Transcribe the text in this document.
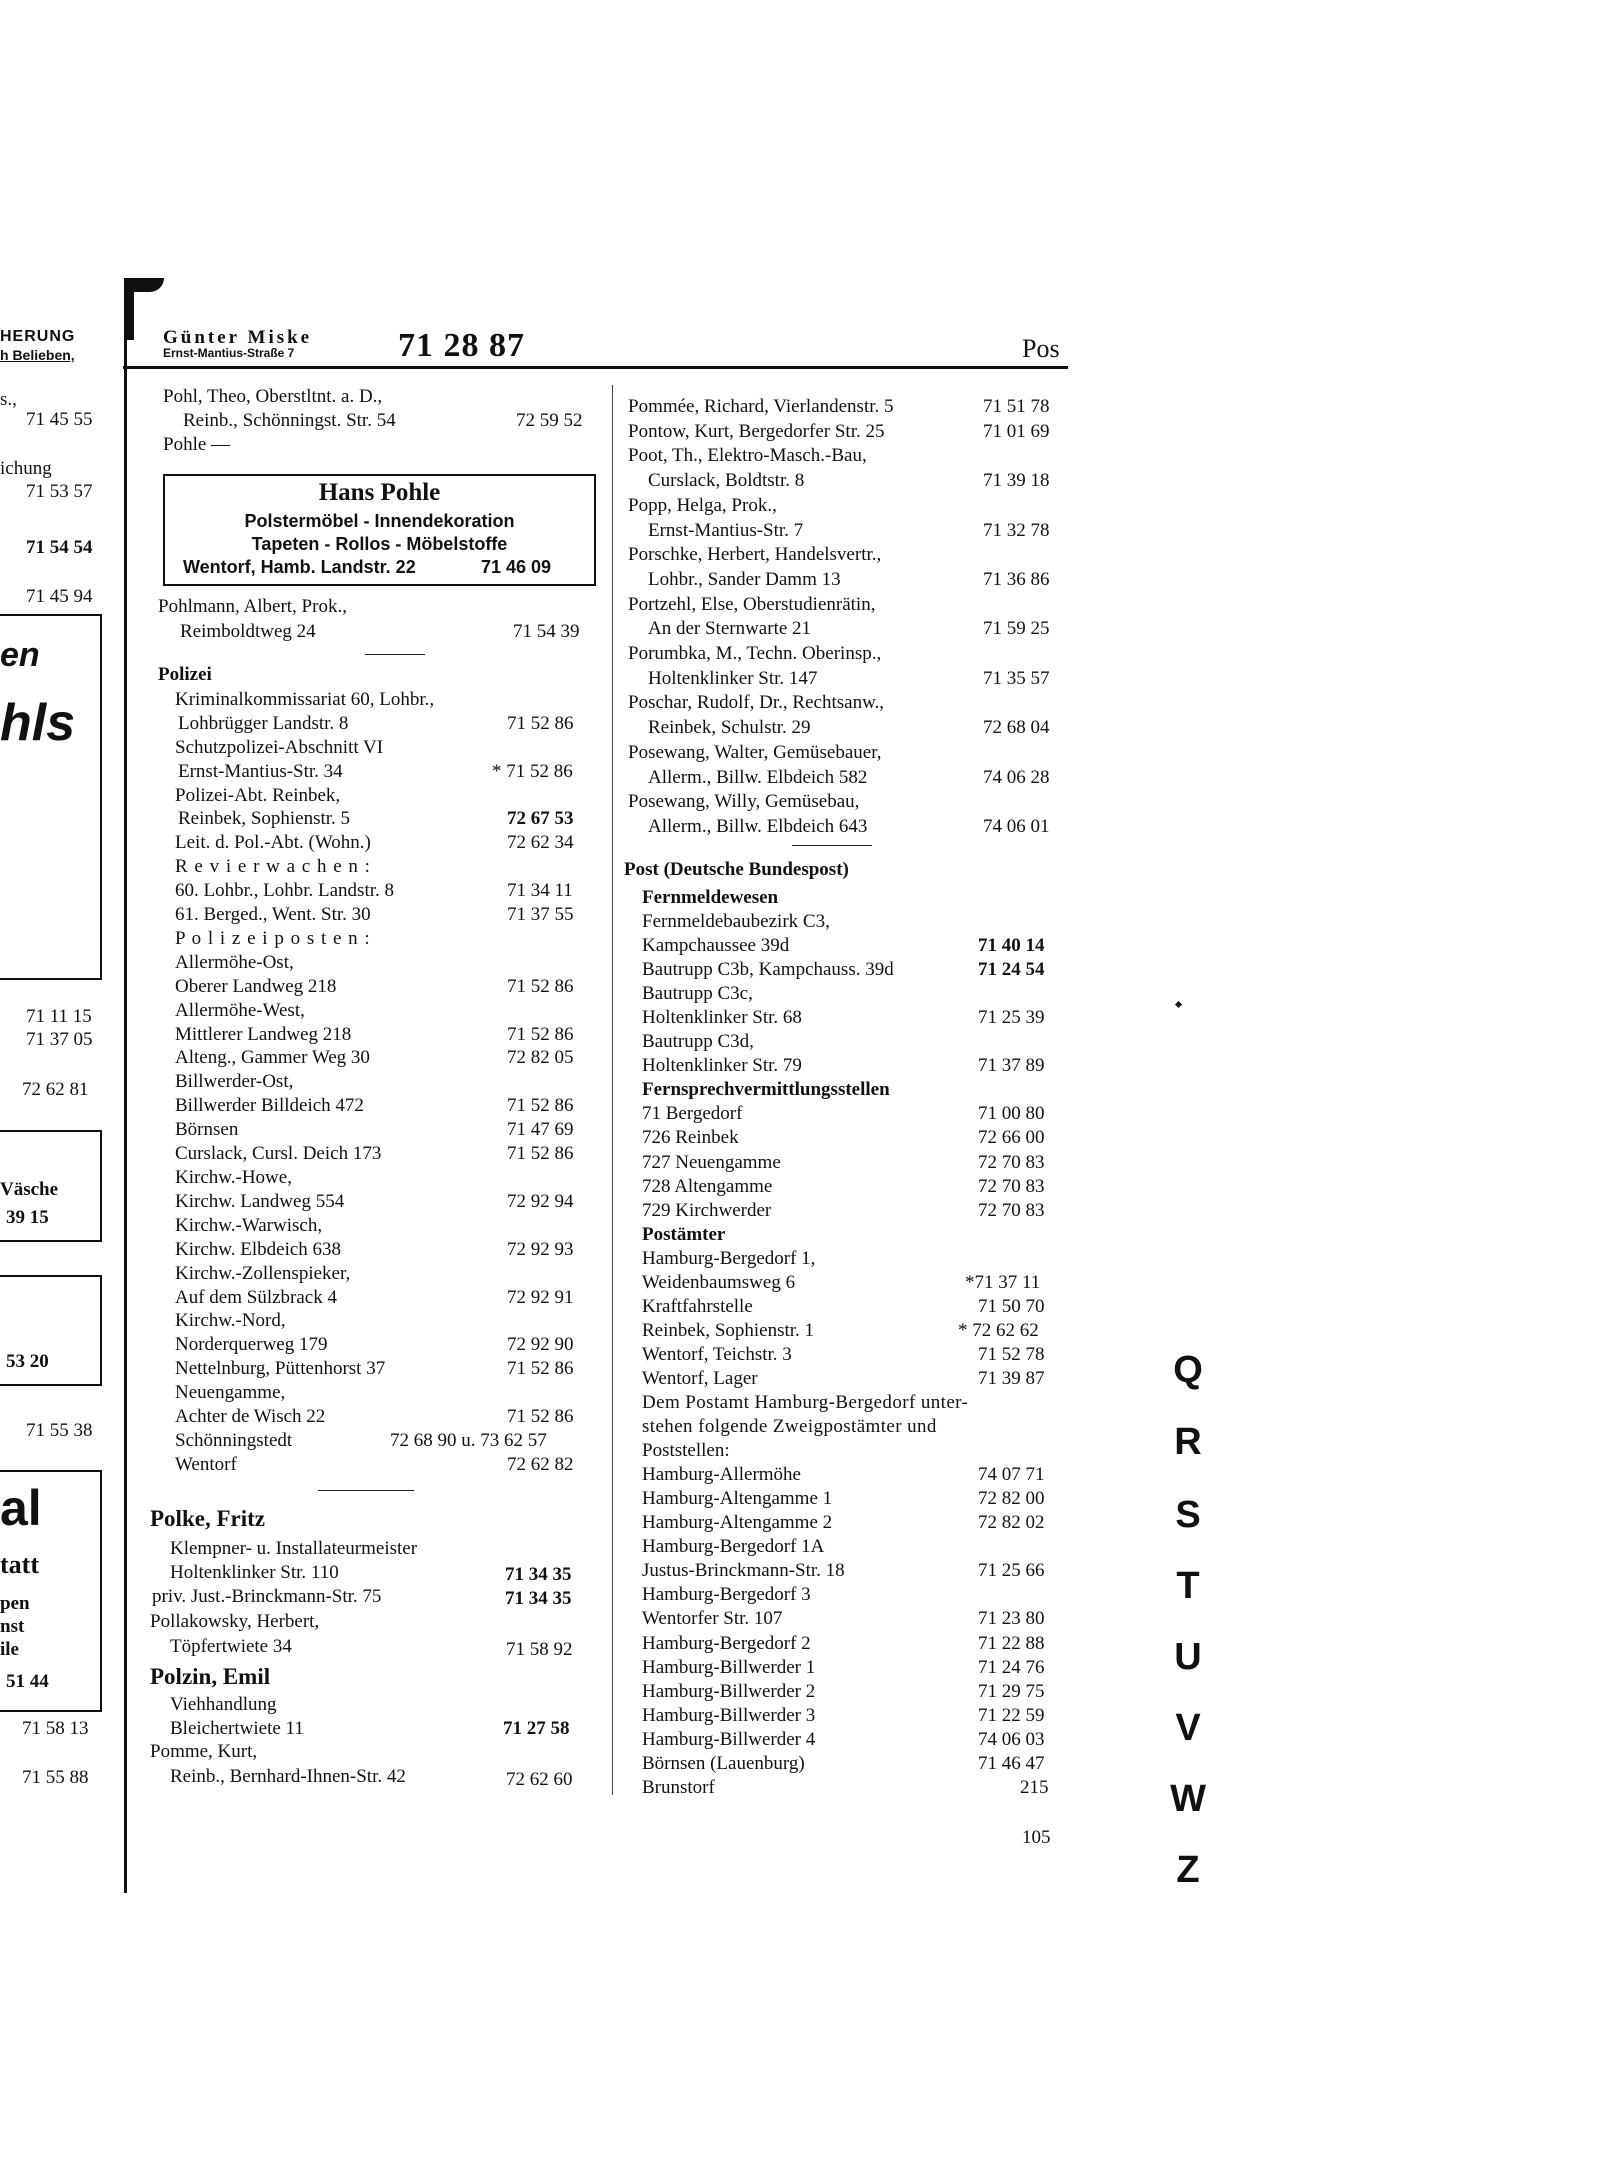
HERUNG
h Belieben,
s.,
71 45 55
ichung
71 53 57
71 54 54
71 45 94
en
hls
71 11 15
71 37 05
72 62 81
Väsche
39 15
53 20
71 55 38
al
tatt
pen
nst
ile
51 44
71 58 13
71 55 88
Günter Miske
Ernst-Mantius-Straße 7	71 28 87	Pos
Pohl, Theo, Oberstltnt. a. D.,
Reinb., Schönningst. Str. 54	72 59 52
Pohle —
Hans Pohle
Polstermöbel - Innendekoration
Tapeten - Rollos - Möbelstoffe
Wentorf, Hamb. Landstr. 22	71 46 09
Pohlmann, Albert, Prok.,
Reimboldtweg 24	71 54 39
Polizei
Kriminalkommissariat 60, Lohbr.,
Lohbrügger Landstr. 8	71 52 86
Schutzpolizei-Abschnitt VI
Ernst-Mantius-Str. 34	* 71 52 86
Polizei-Abt. Reinbek,
Reinbek, Sophienstr. 5	72 67 53
Leit. d. Pol.-Abt. (Wohn.)	72 62 34
R e v i e r w a c h e n :
60. Lohbr., Lohbr. Landstr. 8	71 34 11
61. Berged., Went. Str. 30	71 37 55
P o l i z e i p o s t e n :
Allermöhe-Ost,
Oberer Landweg 218	71 52 86
Allermöhe-West,
Mittlerer Landweg 218	71 52 86
Alteng., Gammer Weg 30	72 82 05
Billwerder-Ost,
Billwerder Billdeich 472	71 52 86
Börnsen	71 47 69
Curslack, Cursl. Deich 173	71 52 86
Kirchw.-Howe,
Kirchw. Landweg 554	72 92 94
Kirchw.-Warwisch,
Kirchw. Elbdeich 638	72 92 93
Kirchw.-Zollenspieker,
Auf dem Sülzbrack 4	72 92 91
Kirchw.-Nord,
Norderquerweg 179	72 92 90
Nettelnburg, Püttenhorst 37	71 52 86
Neuengamme,
Achter de Wisch 22	71 52 86
Schönningstedt	72 68 90 u. 73 62 57
Wentorf	72 62 82
Polke, Fritz
Klempner- u. Installateurmeister
Holtenklinker Str. 110	71 34 35
priv. Just.-Brinckmann-Str. 75	71 34 35
Pollakowsky, Herbert,
Töpfertwiete 34	71 58 92
Polzin, Emil
Viehhandlung
Bleichertwiete 11	71 27 58
Pomme, Kurt,
Reinb., Bernhard-Ihnen-Str. 42	72 62 60
Pommée, Richard, Vierlandenstr. 5	71 51 78
Pontow, Kurt, Bergedorfer Str. 25	71 01 69
Poot, Th., Elektro-Masch.-Bau,
Curslack, Boldtstr. 8	71 39 18
Popp, Helga, Prok.,
Ernst-Mantius-Str. 7	71 32 78
Porschke, Herbert, Handelsvertr.,
Lohbr., Sander Damm 13	71 36 86
Portzehl, Else, Oberstudienrätin,
An der Sternwarte 21	71 59 25
Porumbka, M., Techn. Oberinsp.,
Holtenklinker Str. 147	71 35 57
Poschar, Rudolf, Dr., Rechtsanw.,
Reinbek, Schulstr. 29	72 68 04
Posewang, Walter, Gemüsebauer,
Allerm., Billw. Elbdeich 582	74 06 28
Posewang, Willy, Gemüsebau,
Allerm., Billw. Elbdeich 643	74 06 01
Post (Deutsche Bundespost)
Fernmeldewesen
Fernmeldebaubezirk C3,
Kampchaussee 39d	71 40 14
Bautrupp C3b, Kampchauss. 39d	71 24 54
Bautrupp C3c,
Holtenklinker Str. 68	71 25 39
Bautrupp C3d,
Holtenklinker Str. 79	71 37 89
Fernsprechvermittlungsstellen
71 Bergedorf	71 00 80
726 Reinbek	72 66 00
727 Neuengamme	72 70 83
728 Altengamme	72 70 83
729 Kirchwerder	72 70 83
Postämter
Hamburg-Bergedorf 1,
Weidenbaumsweg 6	*71 37 11
Kraftfahrstelle	71 50 70
Reinbek, Sophienstr. 1	* 72 62 62
Wentorf, Teichstr. 3	71 52 78
Wentorf, Lager	71 39 87
Dem Postamt Hamburg-Bergedorf unter-
stehen folgende Zweigpostämter und
Poststellen:
Hamburg-Allermöhe	74 07 71
Hamburg-Altengamme 1	72 82 00
Hamburg-Altengamme 2	72 82 02
Hamburg-Bergedorf 1A
Justus-Brinckmann-Str. 18	71 25 66
Hamburg-Bergedorf 3
Wentorfer Str. 107	71 23 80
Hamburg-Bergedorf 2	71 22 88
Hamburg-Billwerder 1	71 24 76
Hamburg-Billwerder 2	71 29 75
Hamburg-Billwerder 3	71 22 59
Hamburg-Billwerder 4	74 06 03
Börnsen (Lauenburg)	71 46 47
Brunstorf	215
105
Q
R
S
T
U
V
W
Z
